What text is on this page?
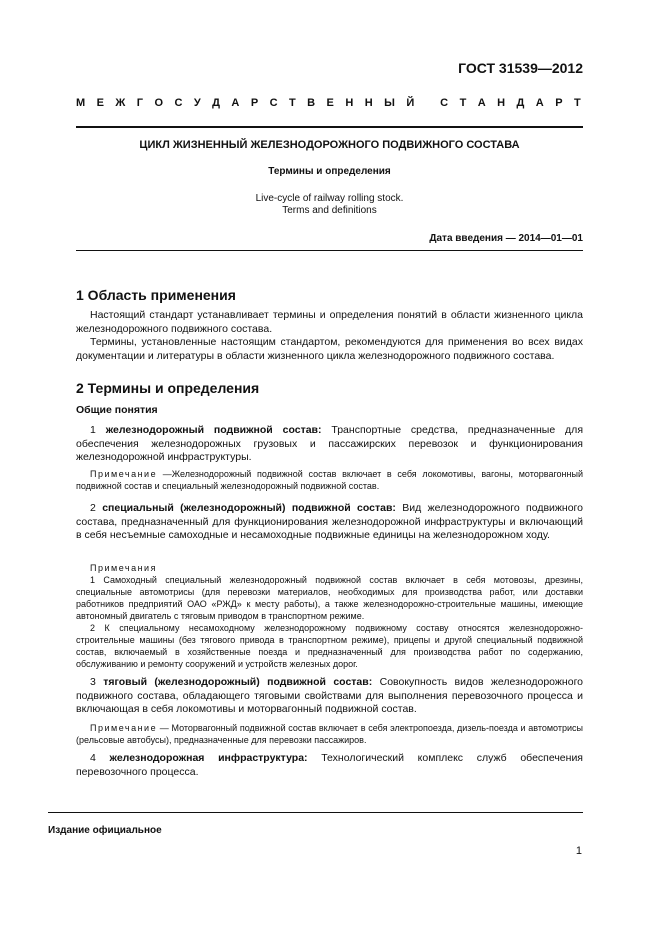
ГОСТ 31539—2012
М Е Ж Г О С У Д А Р С Т В Е Н Н Ы Й
С Т А Н Д А Р Т
ЦИКЛ ЖИЗНЕННЫЙ ЖЕЛЕЗНОДОРОЖНОГО ПОДВИЖНОГО СОСТАВА
Термины и определения
Live-cycle of railway rolling stock.
Terms and definitions
Дата введения — 2014—01—01
1 Область применения
Настоящий стандарт устанавливает термины и определения понятий в области жизненного цикла железнодорожного подвижного состава.
Термины, установленные настоящим стандартом, рекомендуются для применения во всех видах документации и литературы в области жизненного цикла железнодорожного подвижного состава.
2 Термины и определения
Общие понятия
1 железнодорожный подвижной состав: Транспортные средства, предназначенные для обеспечения железнодорожных грузовых и пассажирских перевозок и функционирования железнодорожной инфраструктуры.
Примечание —Железнодорожный подвижной состав включает в себя локомотивы, вагоны, моторвагонный подвижной состав и специальный железнодорожный подвижной состав.
2 специальный (железнодорожный) подвижной состав: Вид железнодорожного подвижного состава, предназначенный для функционирования железнодорожной инфраструктуры и включающий в себя несъемные самоходные и несамоходные подвижные единицы на железнодорожном ходу.
Примечания
1 Самоходный специальный железнодорожный подвижной состав включает в себя мотовозы, дрезины, специальные автомотрисы (для перевозки материалов, необходимых для производства работ, или доставки работников предприятий ОАО «РЖД» к месту работы), а также железнодорожно-строительные машины, имеющие автономный двигатель с тяговым приводом в транспортном режиме.
2 К специальному несамоходному железнодорожному подвижному составу относятся железнодорожно-строительные машины (без тягового привода в транспортном режиме), прицепы и другой специальный подвижной состав, включаемый в хозяйственные поезда и предназначенный для производства работ по содержанию, обслуживанию и ремонту сооружений и устройств железных дорог.
3 тяговый (железнодорожный) подвижной состав: Совокупность видов железнодорожного подвижного состава, обладающего тяговыми свойствами для выполнения перевозочного процесса и включающая в себя локомотивы и моторвагонный подвижной состав.
Примечание — Моторвагонный подвижной состав включает в себя электропоезда, дизель-поезда и автомотрисы (рельсовые автобусы), предназначенные для перевозки пассажиров.
4 железнодорожная инфраструктура: Технологический комплекс служб обеспечения перевозочного процесса.
Издание официальное
1
